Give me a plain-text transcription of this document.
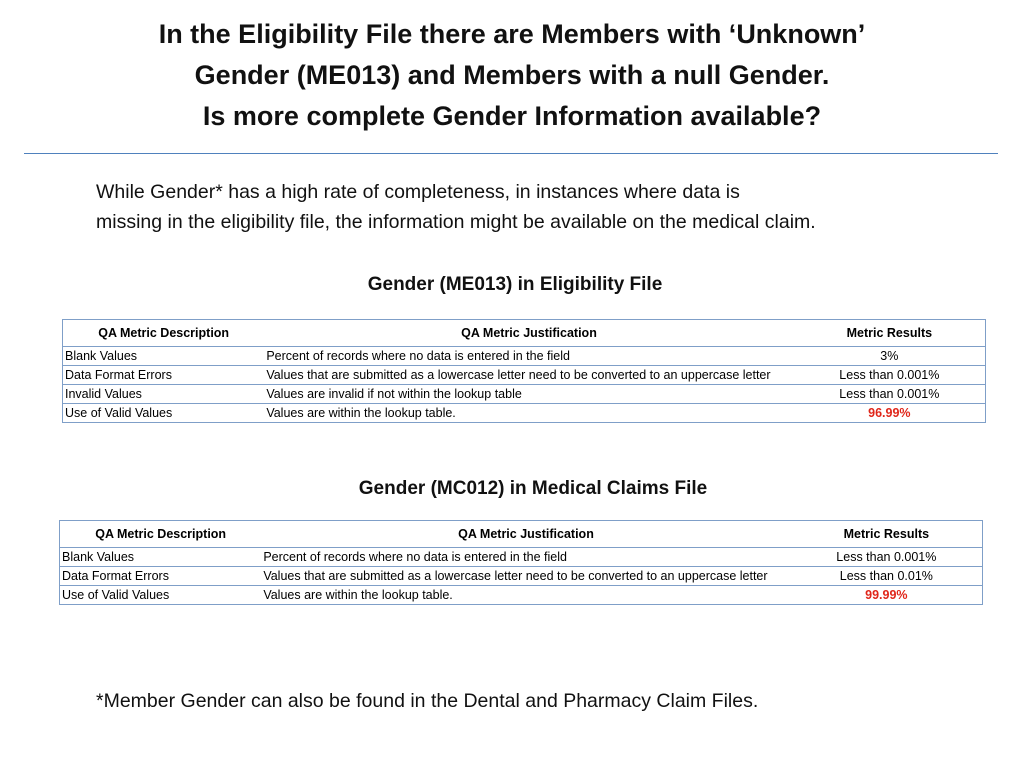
In the Eligibility File there are Members with ‘Unknown’
Gender (ME013) and Members with a null Gender.
Is more complete Gender Information available?
While Gender* has a high rate of completeness, in instances where data is
missing in the eligibility file, the information might be available on the medical claim.
Gender (ME013) in Eligibility File
QA Metric Description	QA Metric Justification	Metric Results
Blank Values	Percent of records where no data is entered in the field	3%
Data Format Errors	Values that are submitted as a lowercase letter need to be converted to an uppercase letter	Less than 0.001%
Invalid Values	Values are invalid if not within the lookup table	Less than 0.001%
Use of Valid Values	Values are within the lookup table.	96.99%
Gender (MC012) in Medical Claims File
QA Metric Description	QA Metric Justification	Metric Results
Blank Values	Percent of records where no data is entered in the field	Less than 0.001%
Data Format Errors	Values that are submitted as a lowercase letter need to be converted to an uppercase letter	Less than 0.01%
Use of Valid Values	Values are within the lookup table.	99.99%
*Member Gender can also be found in the Dental and Pharmacy Claim Files.
